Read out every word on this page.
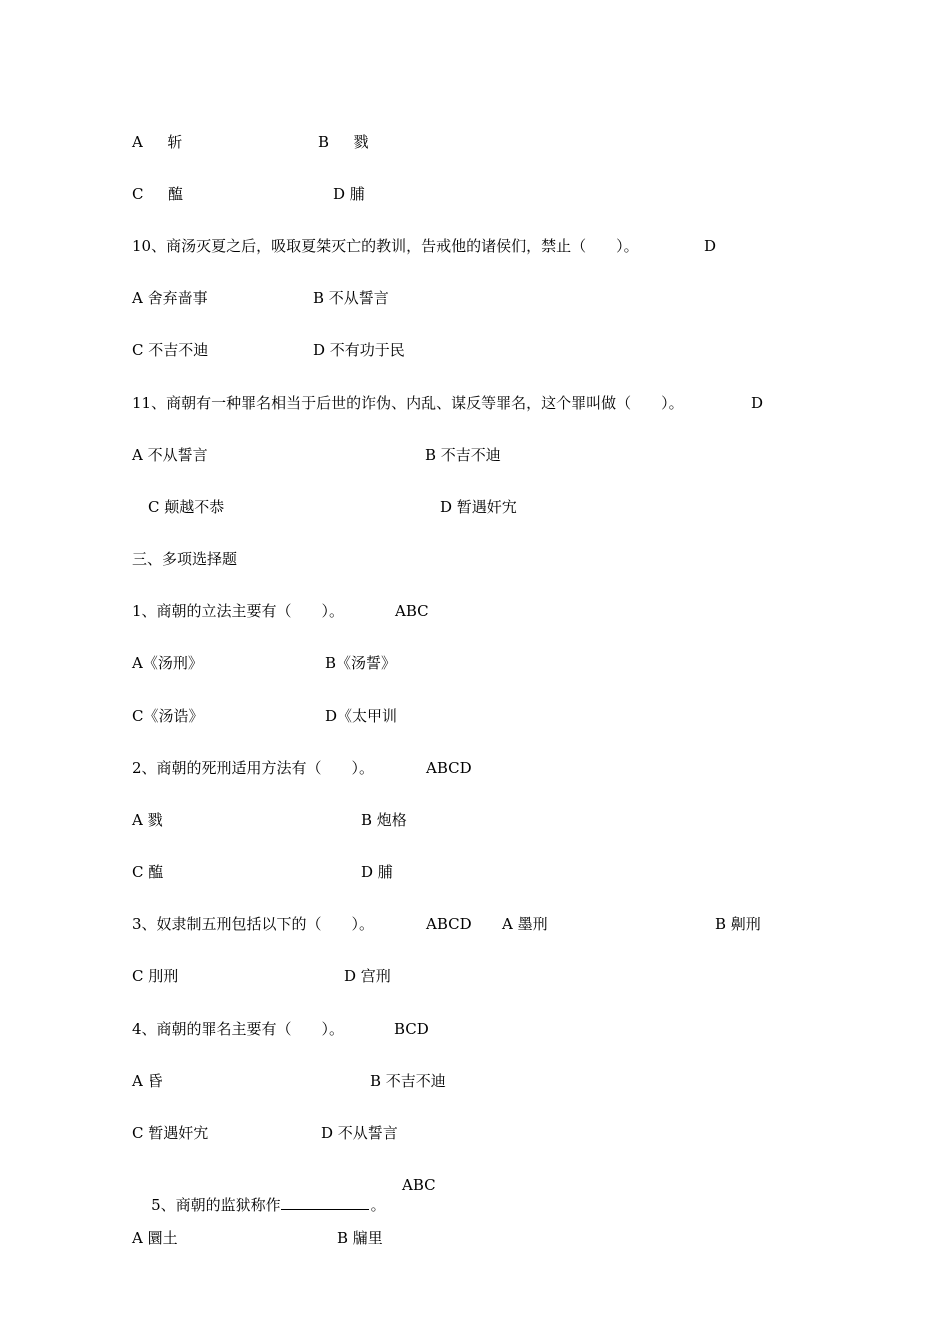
A 　 斩	B 　 戮
C 　 醢	D 脯
10、商汤灭夏之后，吸取夏桀灭亡的教训，告戒他的诸侯们，禁止（　　）。	D
A 舍弃啬事	B 不从誓言
C 不吉不迪	D 不有功于民
11、商朝有一种罪名相当于后世的诈伪、内乱、谋反等罪名，这个罪叫做（　　）。	D
A 不从誓言	B 不吉不迪
C 颠越不恭	D 暂遇奸宄
三、多项选择题
1、商朝的立法主要有（　　）。	ABC
A《汤刑》	B《汤誓》
C《汤诰》	D《太甲训
2、商朝的死刑适用方法有（　　）。	ABCD
A 戮	B 炮格
C 醢	D 脯
3、奴隶制五刑包括以下的（　　）。	ABCD A 墨刑	B 劓刑
C 刖刑	D 宫刑
4、商朝的罪名主要有（　　）。	BCD
A 昏	B 不吉不迪
C 暂遇奸宄	D 不从誓言

5、商朝的监狱称作	。

ABC
A 圜土	B 牖里
